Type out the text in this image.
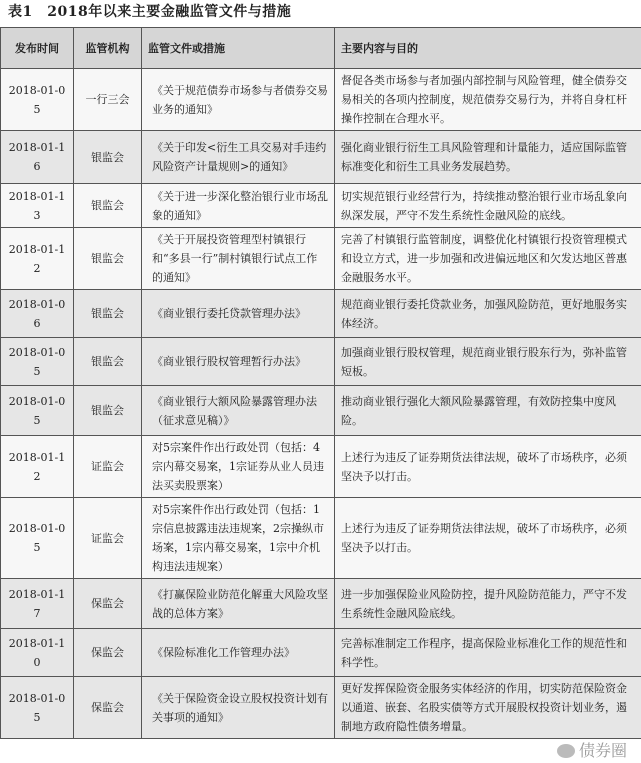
表1　2018年以来主要金融监管文件与措施
发布时间	监管机构	监管文件或措施	主要内容与目的
2018-01-05	一行三会	《关于规范债券市场参与者债券交易业务的通知》	督促各类市场参与者加强内部控制与风险管理，健全债券交易相关的各项内控制度，规范债券交易行为，并将自身杠杆操作控制在合理水平。
2018-01-16	银监会	《关于印发<衍生工具交易对手违约风险资产计量规则>的通知》	强化商业银行衍生工具风险管理和计量能力，适应国际监管标准变化和衍生工具业务发展趋势。
2018-01-13	银监会	《关于进一步深化整治银行业市场乱象的通知》	切实规范银行业经营行为，持续推动整治银行业市场乱象向纵深发展，严守不发生系统性金融风险的底线。
2018-01-12	银监会	《关于开展投资管理型村镇银行和“多县一行”制村镇银行试点工作的通知》	完善了村镇银行监管制度，调整优化村镇银行投资管理模式和设立方式，进一步加强和改进偏远地区和欠发达地区普惠金融服务水平。
2018-01-06	银监会	《商业银行委托贷款管理办法》	规范商业银行委托贷款业务，加强风险防范，更好地服务实体经济。
2018-01-05	银监会	《商业银行股权管理暂行办法》	加强商业银行股权管理，规范商业银行股东行为，弥补监管短板。
2018-01-05	银监会	《商业银行大额风险暴露管理办法（征求意见稿）》	推动商业银行强化大额风险暴露管理，有效防控集中度风险。
2018-01-12	证监会	对5宗案件作出行政处罚（包括：4宗内幕交易案，1宗证券从业人员违法买卖股票案）	上述行为违反了证券期货法律法规，破坏了市场秩序，必须坚决予以打击。
2018-01-05	证监会	对5宗案件作出行政处罚（包括：1宗信息披露违法违规案，2宗操纵市场案，1宗内幕交易案，1宗中介机构违法违规案）	上述行为违反了证券期货法律法规，破坏了市场秩序，必须坚决予以打击。
2018-01-17	保监会	《打赢保险业防范化解重大风险攻坚战的总体方案》	进一步加强保险业风险防控，提升风险防范能力，严守不发生系统性金融风险底线。
2018-01-10	保监会	《保险标准化工作管理办法》	完善标准制定工作程序，提高保险业标准化工作的规范性和科学性。
2018-01-05	保监会	《关于保险资金设立股权投资计划有关事项的通知》	更好发挥保险资金服务实体经济的作用，切实防范保险资金以通道、嵌套、名股实债等方式开展股权投资计划业务，遏制地方政府隐性债务增量。
债券圈
